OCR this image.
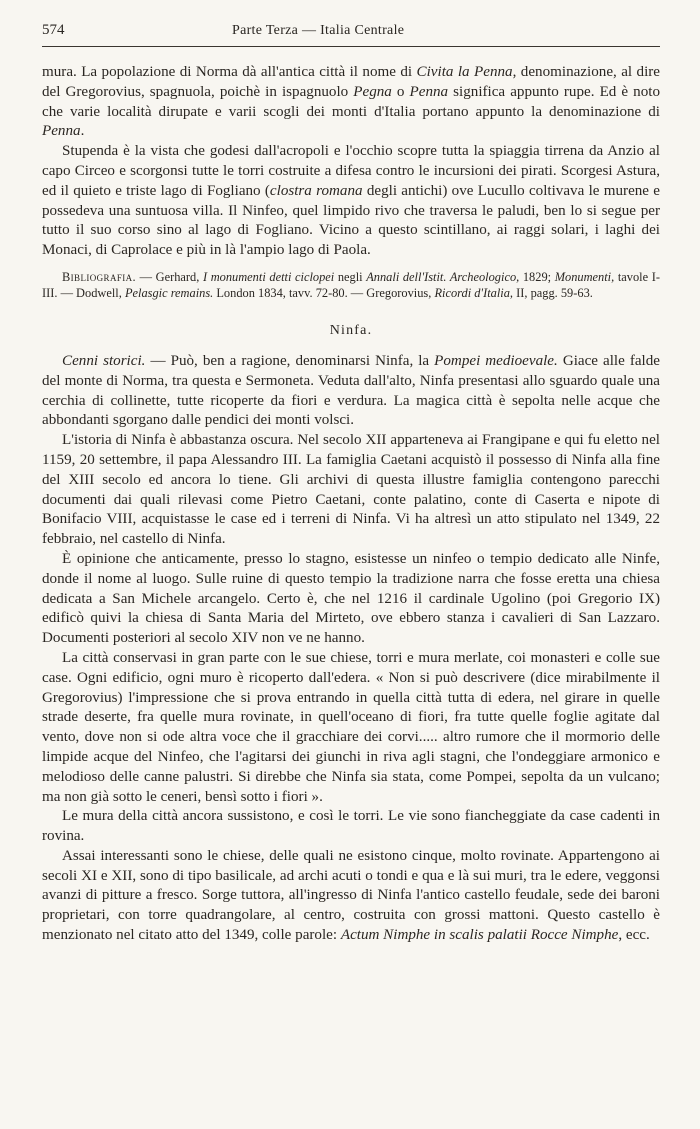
574	Parte Terza — Italia Centrale

mura. La popolazione di Norma dà all'antica città il nome di Civita la Penna, denominazione, al dire del Gregorovius, spagnuola, poichè in ispagnuolo Pegna o Penna significa appunto rupe. Ed è noto che varie località dirupate e varii scogli dei monti d'Italia portano appunto la denominazione di Penna.

Stupenda è la vista che godesi dall'acropoli e l'occhio scopre tutta la spiaggia tirrena da Anzio al capo Circeo e scorgonsi tutte le torri costruite a difesa contro le incursioni dei pirati. Scorgesi Astura, ed il quieto e triste lago di Fogliano (clostra romana degli antichi) ove Lucullo coltivava le murene e possedeva una suntuosa villa. Il Ninfeo, quel limpido rivo che traversa le paludi, ben lo si segue per tutto il suo corso sino al lago di Fogliano. Vicino a questo scintillano, ai raggi solari, i laghi dei Monaci, di Caprolace e più in là l'ampio lago di Paola.

Bibliografia. — Gerhard, I monumenti detti ciclopei negli Annali dell'Istit. Archeologico, 1829; Monumenti, tavole I-III. — Dodwell, Pelasgic remains. London 1834, tavv. 72-80. — Gregorovius, Ricordi d'Italia, II, pagg. 59-63.
Ninfa.

Cenni storici. — Può, ben a ragione, denominarsi Ninfa, la Pompei medioevale. Giace alle falde del monte di Norma, tra questa e Sermoneta. Veduta dall'alto, Ninfa presentasi allo sguardo quale una cerchia di collinette, tutte ricoperte da fiori e verdura. La magica città è sepolta nelle acque che abbondanti sgorgano dalle pendici dei monti volsci.

L'istoria di Ninfa è abbastanza oscura. Nel secolo XII apparteneva ai Frangipane e qui fu eletto nel 1159, 20 settembre, il papa Alessandro III. La famiglia Caetani acquistò il possesso di Ninfa alla fine del XIII secolo ed ancora lo tiene. Gli archivi di questa illustre famiglia contengono parecchi documenti dai quali rilevasi come Pietro Caetani, conte palatino, conte di Caserta e nipote di Bonifacio VIII, acquistasse le case ed i terreni di Ninfa. Vi ha altresì un atto stipulato nel 1349, 22 febbraio, nel castello di Ninfa.

È opinione che anticamente, presso lo stagno, esistesse un ninfeo o tempio dedicato alle Ninfe, donde il nome al luogo. Sulle ruine di questo tempio la tradizione narra che fosse eretta una chiesa dedicata a San Michele arcangelo. Certo è, che nel 1216 il cardinale Ugolino (poi Gregorio IX) edificò quivi la chiesa di Santa Maria del Mirteto, ove ebbero stanza i cavalieri di San Lazzaro. Documenti posteriori al secolo XIV non ve ne hanno.

La città conservasi in gran parte con le sue chiese, torri e mura merlate, coi monasteri e colle sue case. Ogni edificio, ogni muro è ricoperto dall'edera. « Non si può descrivere (dice mirabilmente il Gregorovius) l'impressione che si prova entrando in quella città tutta di edera, nel girare in quelle strade deserte, fra quelle mura rovinate, in quell'oceano di fiori, fra tutte quelle foglie agitate dal vento, dove non si ode altra voce che il gracchiare dei corvi..... altro rumore che il mormorio delle limpide acque del Ninfeo, che l'agitarsi dei giunchi in riva agli stagni, che l'ondeggiare armonico e melodioso delle canne palustri. Si direbbe che Ninfa sia stata, come Pompei, sepolta da un vulcano; ma non già sotto le ceneri, bensì sotto i fiori ».

Le mura della città ancora sussistono, e così le torri. Le vie sono fiancheggiate da case cadenti in rovina.

Assai interessanti sono le chiese, delle quali ne esistono cinque, molto rovinate. Appartengono ai secoli XI e XII, sono di tipo basilicale, ad archi acuti o tondi e qua e là sui muri, tra le edere, veggonsi avanzi di pitture a fresco. Sorge tuttora, all'ingresso di Ninfa l'antico castello feudale, sede dei baroni proprietari, con torre quadrangolare, al centro, costruita con grossi mattoni. Questo castello è menzionato nel citato atto del 1349, colle parole: Actum Nimphe in scalis palatii Rocce Nimphe, ecc.
